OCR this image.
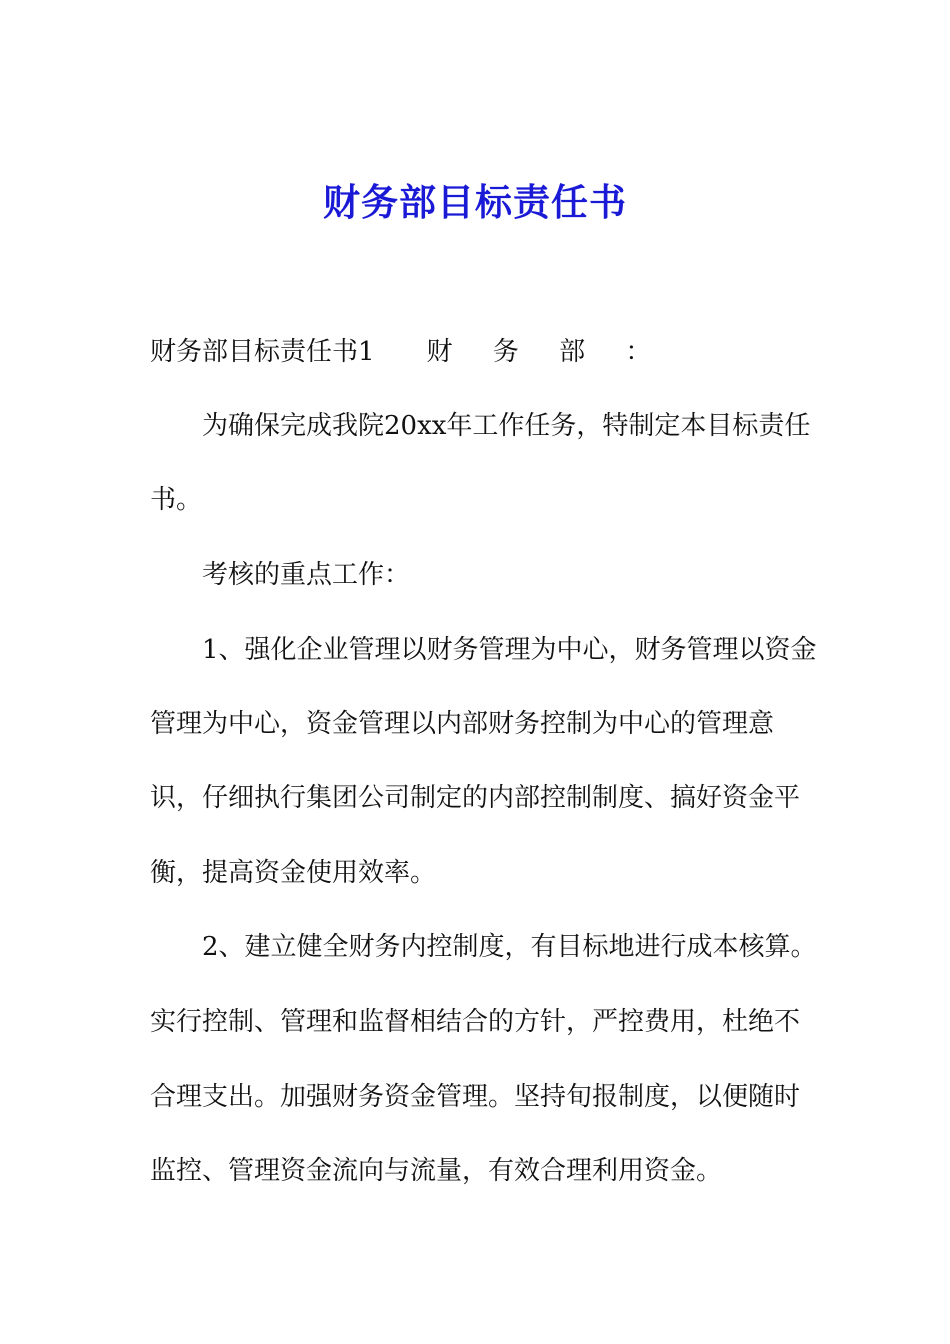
财务部目标责任书

财务部目标责任书1 财 务 部 ：

为确保完成我院20xx年工作任务，特制定本目标责任

书。

考核的重点工作：

1、强化企业管理以财务管理为中心，财务管理以资金

管理为中心，资金管理以内部财务控制为中心的管理意

识，仔细执行集团公司制定的内部控制制度、搞好资金平

衡，提高资金使用效率。

2、建立健全财务内控制度，有目标地进行成本核算。

实行控制、管理和监督相结合的方针，严控费用，杜绝不

合理支出。加强财务资金管理。坚持旬报制度，以便随时

监控、管理资金流向与流量，有效合理利用资金。
